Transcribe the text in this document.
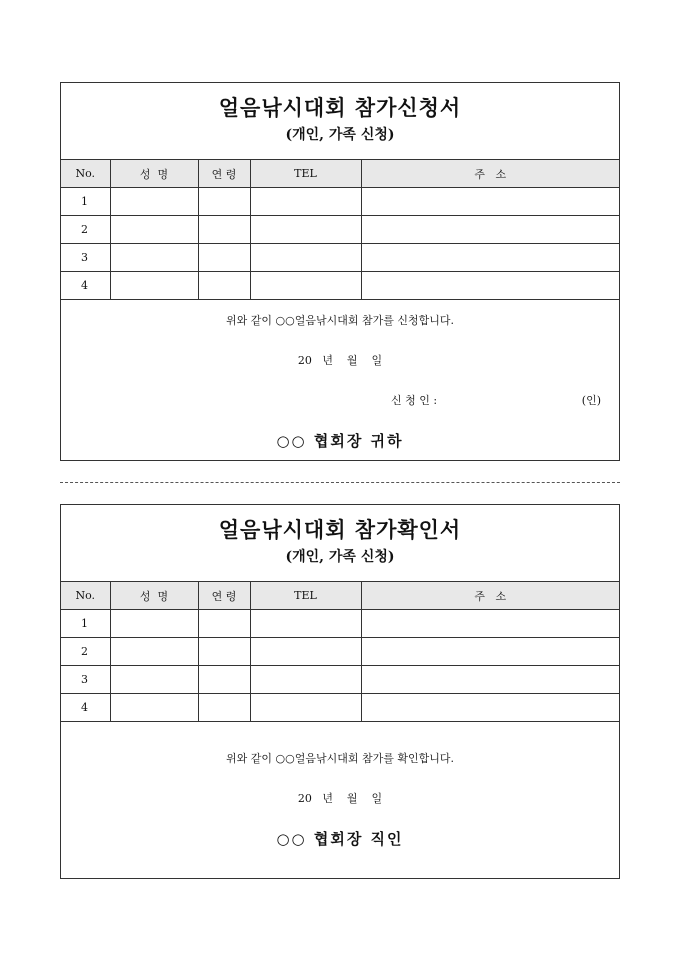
얼음낚시대회 참가신청서
(개인, 가족 신청)
No.	성  명	연 령	TEL	주   소
1				
2				
3				
4				
위와 같이 ○○얼음낚시대회 참가를 신청합니다.
20   년    월    일
신 청 인 :	(인)
○○ 협회장 귀하
얼음낚시대회 참가확인서
(개인, 가족 신청)
No.	성  명	연 령	TEL	주   소
1				
2				
3				
4				
위와 같이 ○○얼음낚시대회 참가를 확인합니다.
20   년    월    일
○○ 협회장 직인
